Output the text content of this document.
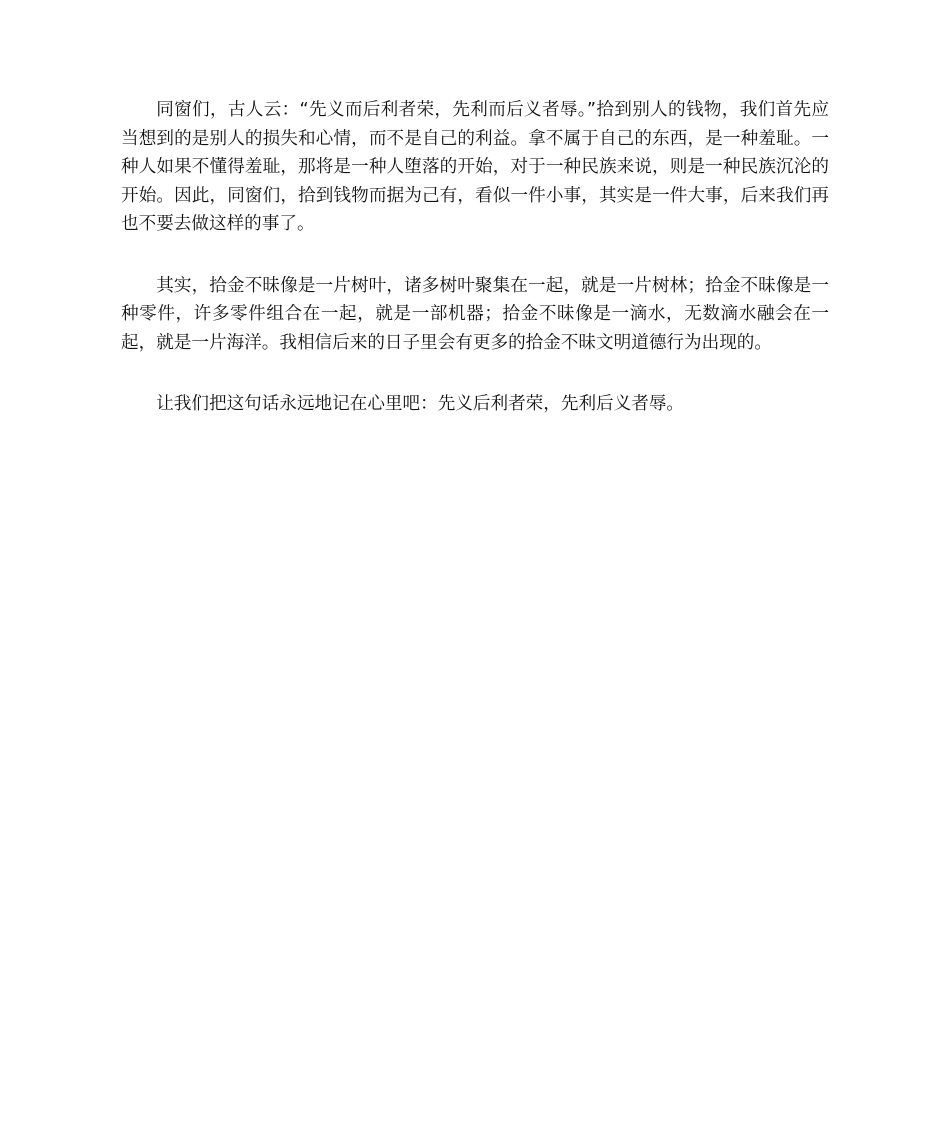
同窗们，古人云：“先义而后利者荣，先利而后义者辱。”拾到别人的钱物，我们首先应当想到的是别人的损失和心情，而不是自己的利益。拿不属于自己的东西，是一种羞耻。一种人如果不懂得羞耻，那将是一种人堕落的开始，对于一种民族来说，则是一种民族沉沦的开始。因此，同窗们，拾到钱物而据为己有，看似一件小事，其实是一件大事，后来我们再也不要去做这样的事了。

其实，拾金不昧像是一片树叶，诸多树叶聚集在一起，就是一片树林；拾金不昧像是一种零件，许多零件组合在一起，就是一部机器；拾金不昧像是一滴水，无数滴水融会在一起，就是一片海洋。我相信后来的日子里会有更多的拾金不昧文明道德行为出现的。

让我们把这句话永远地记在心里吧：先义后利者荣，先利后义者辱。
